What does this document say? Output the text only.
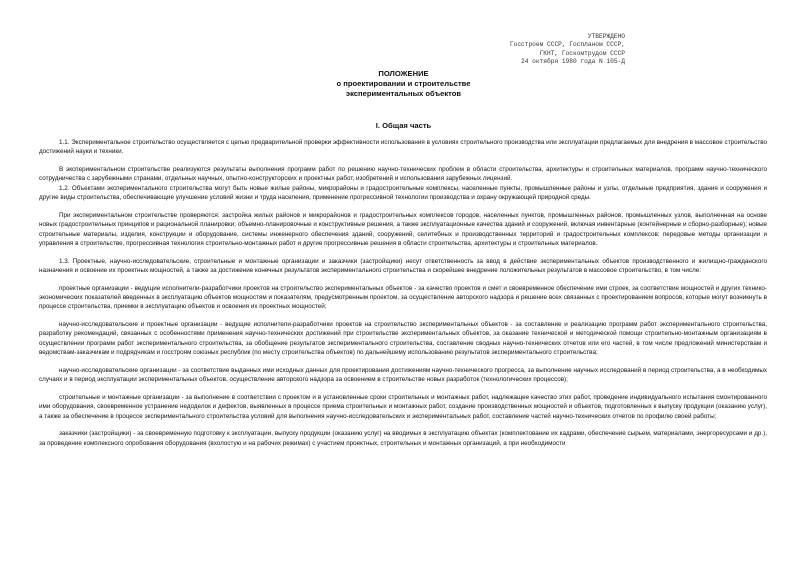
УТВЕРЖДЕНО
Госстроем СССР, Госпланом СССР,
ГКНТ, Госкомтрудом СССР
24 октября 1980 года N 105-Д
ПОЛОЖЕНИЕ
о проектировании и строительстве
экспериментальных объектов
I. Общая часть

1.1. Экспериментальное строительство осуществляется с целью предварительной проверки эффективности использования в условиях строительного производства или эксплуатации предлагаемых для внедрения в массовое строительство достижений науки и техники.

В экспериментальном строительстве реализуются результаты выполнения программ работ по решению научно-технических проблем в области строительства, архитектуры и строительных материалов, программ научно-технического сотрудничества с зарубежными странами, отдельных научных, опытно-конструкторских и проектных работ, изобретений и использования зарубежных лицензий.

1.2. Объектами экспериментального строительства могут быть новые жилые районы, микрорайоны и градостроительные комплексы, населенные пункты, промышленные районы и узлы, отдельные предприятия, здания и сооружения и другие виды строительства, обеспечивающие улучшение условий жизни и труда населения, применение прогрессивной технологии производства и охрану окружающей природной среды.

При экспериментальном строительстве проверяются: застройка жилых районов и микрорайонов и градостроительных комплексов городов, населенных пунктов, промышленных районов, промышленных узлов, выполненная на основе новых градостроительных принципов и рациональной планировки; объемно-планировочные и конструктивные решения, а также эксплуатационные качества зданий и сооружений, включая инвентарные (контейнерные и сборно-разборные); новые строительные материалы, изделия, конструкции и оборудование, системы инженерного обеспечения зданий, сооружений, селитебных и производственных территорий и градостроительных комплексов; передовые методы организации и управления в строительстве, прогрессивная технология строительно-монтажных работ и другие прогрессивные решения в области строительства, архитектуры и строительных материалов.

1.3. Проектные, научно-исследовательские, строительные и монтажные организации и заказчики (застройщики) несут ответственность за ввод в действие экспериментальных объектов производственного и жилищно-гражданского назначения и освоение их проектных мощностей, а также за достижение конечных результатов экспериментального строительства и скорейшее внедрение положительных результатов в массовое строительство, в том числе:

проектные организации - ведущие исполнители-разработчики проектов на строительство экспериментальных объектов - за качество проектов и смет и своевременное обеспечение ими строек, за соответствие мощностей и других технико-экономических показателей введенных в эксплуатацию объектов мощностям и показателям, предусмотренным проектом, за осуществление авторского надзора и решение всех связанных с проектированием вопросов, которые могут возникнуть в процессе строительства, приемки в эксплуатацию объектов и освоения их проектных мощностей;

научно-исследовательские и проектные организации - ведущие исполнители-разработчики проектов на строительство экспериментальных объектов - за составление и реализацию программ работ экспериментального строительства, разработку рекомендаций, связанных с особенностями применения научно-технических достижений при строительстве экспериментальных объектов, за оказание технической и методической помощи строительно-монтажным организациям в осуществлении программ работ экспериментального строительства, за обобщение результатов экспериментального строительства, составление сводных научно-технических отчетов или его частей, в том числе предложений министерствам и ведомствам-заказчикам и подрядчикам и госстроям союзных республик (по месту строительства объектов) по дальнейшему использованию результатов экспериментального строительства;

научно-исследовательские организации - за соответствие выданных ими исходных данных для проектирования достижениям научно-технического прогресса, за выполнение научных исследований в период строительства, а в необходимых случаях и в период эксплуатации экспериментальных объектов, осуществление авторского надзора за освоением в строительстве новых разработок (технологических процессов);

строительные и монтажные организации - за выполнение в соответствии с проектом и в установленные сроки строительных и монтажных работ, надлежащее качество этих работ, проведение индивидуального испытания смонтированного ими оборудования, своевременное устранение недоделок и дефектов, выявленных в процессе приема строительных и монтажных работ, создание производственных мощностей и объектов, подготовленных к выпуску продукции (оказанию услуг), а также за обеспечение в процессе экспериментального строительства условий для выполнения научно-исследовательских и экспериментальных работ, составление частей научно-технических отчетов по профилю своей работы;

заказчики (застройщики) - за своевременную подготовку к эксплуатации, выпуску продукции (оказанию услуг) на вводимых в эксплуатацию объектах (комплектование их кадрами, обеспечение сырьем, материалами, энергоресурсами и др.), за проведение комплексного опробования оборудования (вхолостую и на рабочих режимах) с участием проектных, строительных и монтажных организаций, а при необходимости
